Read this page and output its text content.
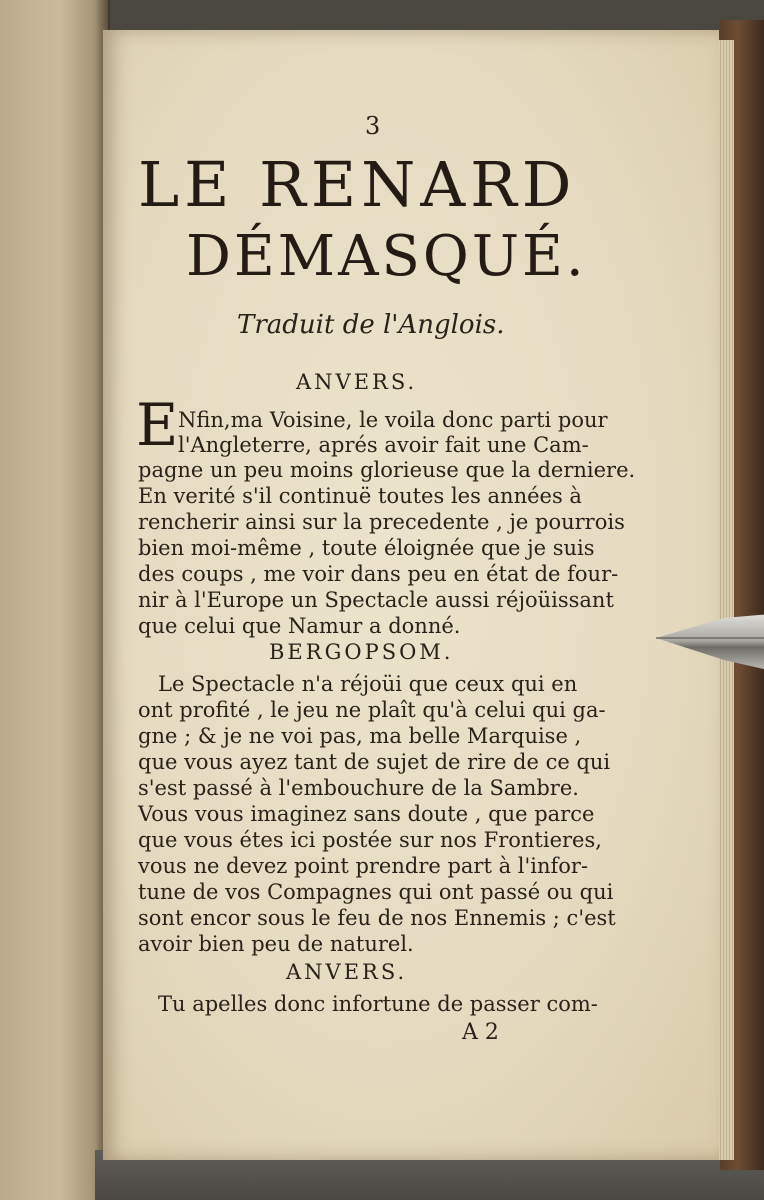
3
LE RENARD
DÉMASQUÉ.
Traduit de l'Anglois.
ANVERS.
E Nfin,ma Voisine, le voila donc parti pour
l'Angleterre, aprés avoir fait une Cam-
pagne un peu moins glorieuse que la derniere.
En verité s'il continuë toutes les années à
rencherir ainsi sur la precedente , je pourrois
bien moi-même , toute éloignée que je suis
des coups , me voir dans peu en état de four-
nir à l'Europe un Spectacle aussi réjoüissant
que celui que Namur a donné.
BERGOPSOM.
Le Spectacle n'a réjoüi que ceux qui en
ont profité , le jeu ne plaît qu'à celui qui ga-
gne ; & je ne voi pas, ma belle Marquise ,
que vous ayez tant de sujet de rire de ce qui
s'est passé à l'embouchure de la Sambre.
Vous vous imaginez sans doute , que parce
que vous étes ici postée sur nos Frontieres,
vous ne devez point prendre part à l'infor-
tune de vos Compagnes qui ont passé ou qui
sont encor sous le feu de nos Ennemis ; c'est
avoir bien peu de naturel.
ANVERS.
Tu apelles donc infortune de passer com-
A 2
